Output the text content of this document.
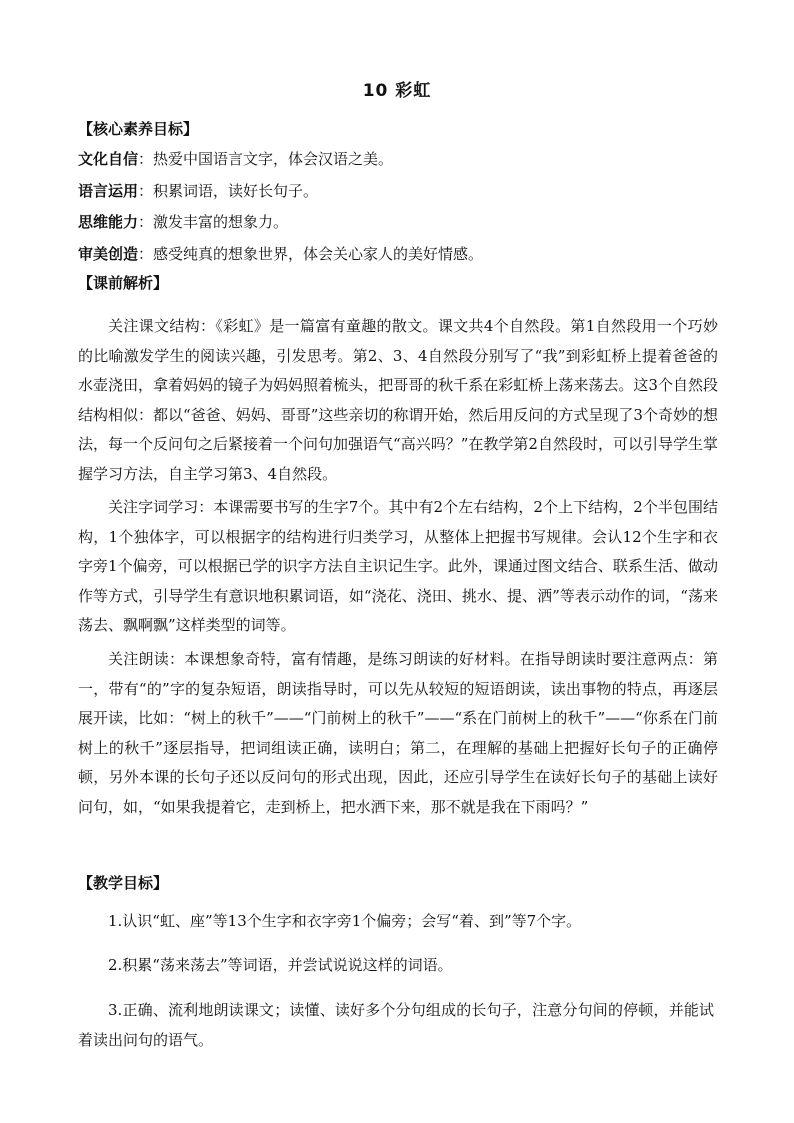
10 彩虹
【核心素养目标】
文化自信：热爱中国语言文字，体会汉语之美。
语言运用：积累词语，读好长句子。
思维能力：激发丰富的想象力。
审美创造：感受纯真的想象世界，体会关心家人的美好情感。
【课前解析】

关注课文结构：《彩虹》是一篇富有童趣的散文。课文共4个自然段。第1自然段用一个巧妙的比喻激发学生的阅读兴趣，引发思考。第2、3、4自然段分别写了“我”到彩虹桥上提着爸爸的水壶浇田，拿着妈妈的镜子为妈妈照着梳头，把哥哥的秋千系在彩虹桥上荡来荡去。这3个自然段结构相似：都以“爸爸、妈妈、哥哥”这些亲切的称谓开始，然后用反问的方式呈现了3个奇妙的想法，每一个反问句之后紧接着一个问句加强语气“高兴吗？”在教学第2自然段时，可以引导学生掌握学习方法，自主学习第3、4自然段。

关注字词学习：本课需要书写的生字7个。其中有2个左右结构，2个上下结构，2个半包围结构，1个独体字，可以根据字的结构进行归类学习，从整体上把握书写规律。会认12个生字和衣字旁1个偏旁，可以根据已学的识字方法自主识记生字。此外，课通过图文结合、联系生活、做动作等方式，引导学生有意识地积累词语，如“浇花、浇田、挑水、提、洒”等表示动作的词，“荡来荡去、飘啊飘”这样类型的词等。

关注朗读：本课想象奇特，富有情趣，是练习朗读的好材料。在指导朗读时要注意两点：第一，带有“的”字的复杂短语，朗读指导时，可以先从较短的短语朗读，读出事物的特点，再逐层展开读，比如：“树上的秋千”——“门前树上的秋千”——“系在门前树上的秋千”——“你系在门前树上的秋千”逐层指导，把词组读正确，读明白；第二，在理解的基础上把握好长句子的正确停顿，另外本课的长句子还以反问句的形式出现，因此，还应引导学生在读好长句子的基础上读好问句，如，“如果我提着它，走到桥上，把水洒下来，那不就是我在下雨吗？”

【教学目标】
1.认识“虹、座”等13个生字和衣字旁1个偏旁；会写“着、到”等7个字。
2.积累“荡来荡去”等词语，并尝试说说这样的词语。
3.正确、流利地朗读课文；读懂、读好多个分句组成的长句子，注意分句间的停顿，并能试着读出问句的语气。
